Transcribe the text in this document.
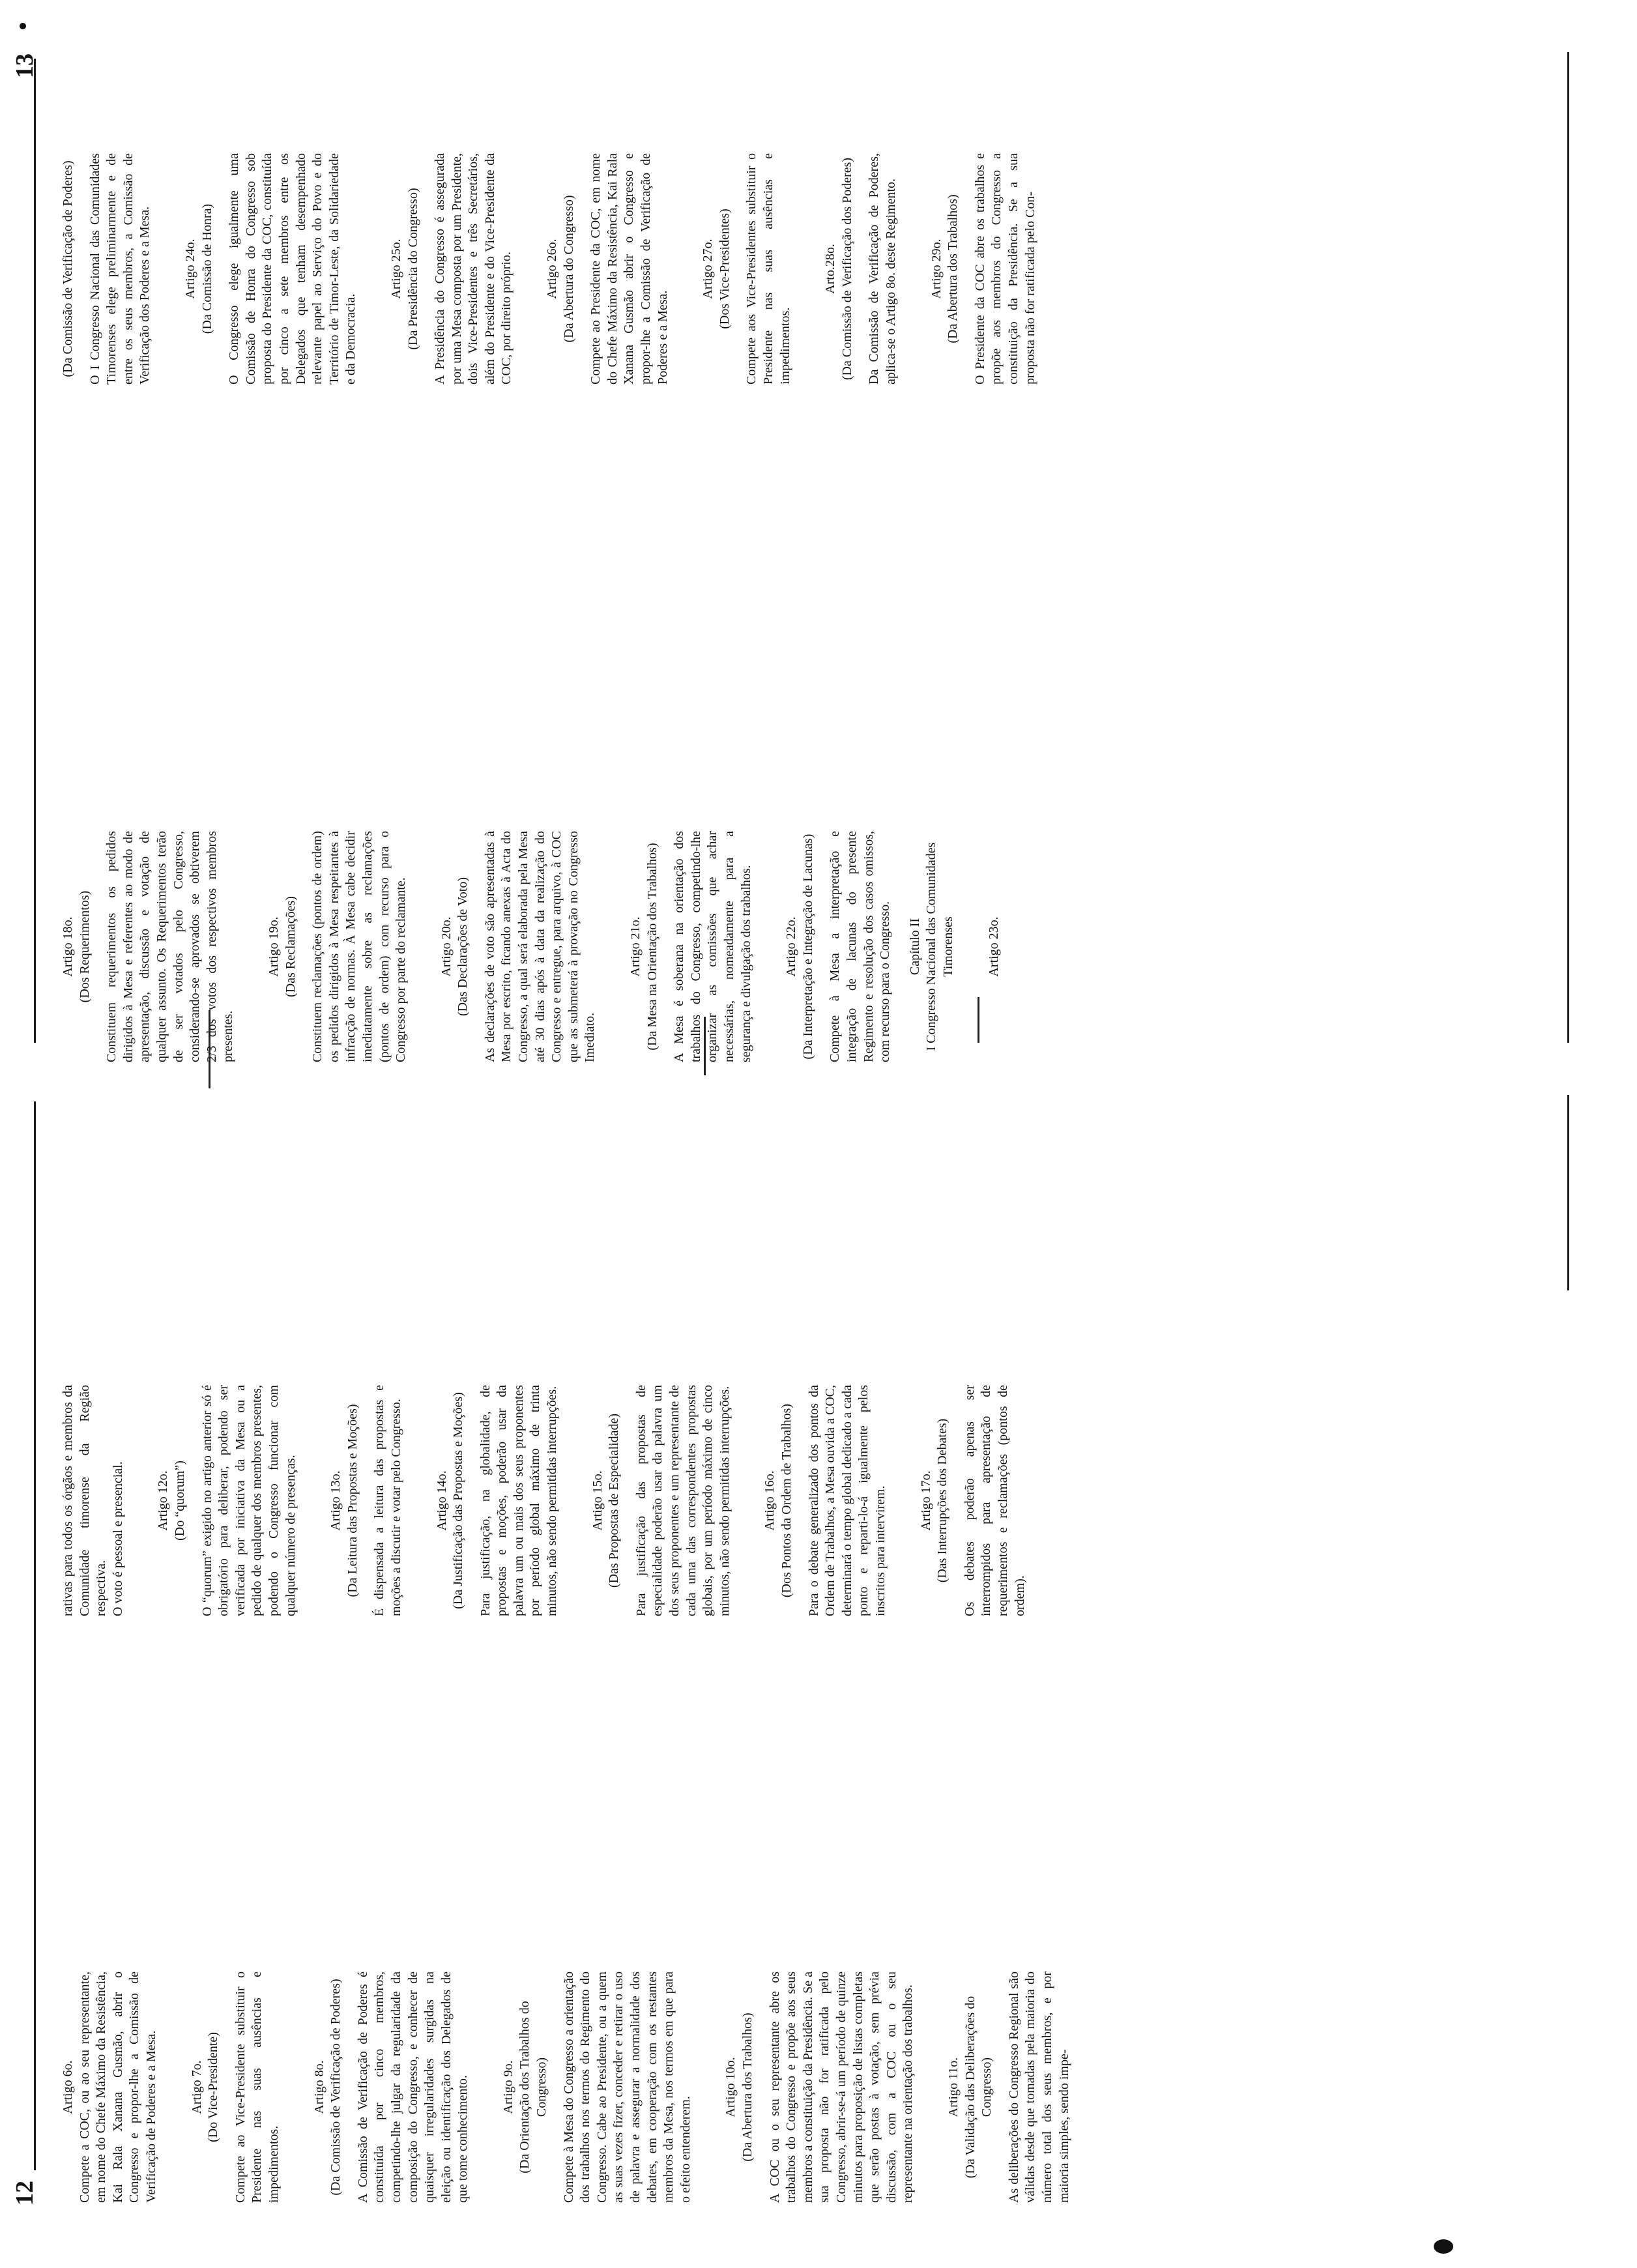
12
Artigo 6o. Compete a COC, ou ao seu representante, em nome do Chefe Máximo da Resistência, Kai Rala Xanana Gusmão, abrir o Congresso e propor-lhe a Comissão de Verificação de Poderes e a Mesa. Artigo 7o. (Do Vice-Presidente) Compete ao Vice-Presidente substituir o Presidente nas suas ausências e impedimentos.

Artigo 8o. (Da Comissão de Verificação de Poderes) A Comissão de Verificação de Poderes é constituída por cinco membros, competindo-lhe julgar da regularidade da composição do Congresso, e conhecer de quaisquer irregularidades surgidas na eleição ou identificação dos Delegados de que tome conhecimento. Artigo 9o. (Da Orientação dos Trabalhos do Congresso) Compete à Mesa do Congresso a orientação dos trabalhos nos termos do Regimento do Congresso. Cabe ao Presidente, ou a quem as suas vezes fizer, conceder e retirar o uso de palavra e assegurar a normalidade dos debates, em cooperação com os restantes membros da Mesa, nos termos em que para o efeito entenderem.

Artigo 10o. (Da Abertura dos Trabalhos) A COC ou o seu representante abre os trabalhos do Congresso e propõe aos seus membros a constituição da Presidência. Se a sua proposta não for ratificada pelo Congresso, abrir-se-á um período de quinze minutos para proposição de listas completas que serão postas à votação, sem prévia discussão, com a COC ou o seu representante na orientação dos trabalhos. Artigo 11o. (Da Validação das Deliberações do Congresso) As deliberações do Congresso Regional são válidas desde que tomadas pela maioria do número total dos seus membros, e por maioria simples, sendo impe-

rativas para todos os órgãos e membros da Comunidade timorense da Região respectiva. O voto é pessoal e presencial. Artigo 12o. (Do “quorum”) O “quorum” exigido no artigo anterior só é obrigatório para deliberar, podendo ser verificada por iniciativa da Mesa ou a pedido de qualquer dos membros presentes, podendo o Congresso funcionar com qualquer número de presenças. Artigo 13o. (Da Leitura das Propostas e Moções) É dispensada a leitura das propostas e moções a discutir e votar pelo Congresso. Artigo 14o. (Da Justificação das Propostas e Moções) Para justificação, na globalidade, de propostas e moções, poderão usar da palavra um ou mais dos seus proponentes por período global máximo de trinta minutos, não sendo permitidas interrupções. Artigo 15o. (Das Propostas de Especialidade) Para justificação das propostas de especialidade poderão usar da palavra um dos seus proponentes e um representante de cada uma das correspondentes propostas globais, por um período máximo de cinco minutos, não sendo permitidas interrupções. Artigo 16o. (Dos Pontos da Ordem de Trabalhos) Para o debate generalizado dos pontos da Ordem de Trabalhos, a Mesa ouvida a COC, determinará o tempo global dedicado a cada ponto e reparti-lo-á igualmente pelos inscritos para intervirem. Artigo 17o. (Das Interrupções dos Debates) Os debates poderão apenas ser interrompidos para apresentação de requerimentos e reclamações (pontos de ordem).

13
Artigo 18o. (Dos Requerimentos) Constituem requerimentos os pedidos dirigidos à Mesa e referentes ao modo de apresentação, discussão e votação de qualquer assunto. Os Requerimentos terão de ser votados pelo Congresso, considerando-se aprovados se obtiverem 2/3 dos votos dos respectivos membros presentes.

Artigo 19o. (Das Reclamações) Constituem reclamações (pontos de ordem) os pedidos dirigidos à Mesa respeitantes à infracção de normas. À Mesa cabe decidir imediatamente sobre as reclamações (pontos de ordem) com recurso para o Congresso por parte do reclamante. Artigo 20o. (Das Declarações de Voto) As declarações de voto são apresentadas à Mesa por escrito, ficando anexas à Acta do Congresso, a qual será elaborada pela Mesa até 30 dias após à data da realização do Congresso e entregue, para arquivo, à COC que as submeterá à provação no Congresso Imediato.

Artigo 21o. (Da Mesa na Orientação dos Trabalhos) A Mesa é soberana na orientação dos trabalhos do Congresso, competindo-lhe organizar as comissões que achar necessárias, nomeadamente para a segurança e divulgação dos trabalhos. Artigo 22o. (Da Interpretação e Integração de Lacunas) Compete à Mesa a interpretação e integração de lacunas do presente Regimento e resolução dos casos omissos, com recurso para o Congresso. Capítulo II I Congresso Nacional das Comunidades Timorenses Artigo 23o.
(Da Comissão de Verificação de Poderes) O I Congresso Nacional das Comunidades Timorenses elege preliminarmente e de entre os seus membros, a Comissão de Verificação dos Poderes e a Mesa. Artigo 24o. (Da Comissão de Honra) O Congresso elege igualmente uma Comissão de Honra do Congresso sob proposta do Presidente da COC, constituída por cinco a sete membros entre os Delegados que tenham desempenhado relevante papel ao Serviço do Povo e do Território de Timor-Leste, da Solidariedade e da Democracia.

Artigo 25o. (Da Presidência do Congresso) A Presidência do Congresso é assegurada por uma Mesa composta por um Presidente, dois Vice-Presidentes e três Secretários, além do Presidente e do Vice-Presidente da COC, por direito próprio. Artigo 26o. (Da Abertura do Congresso) Compete ao Presidente da COC, em nome do Chefe Máximo da Resistência, Kai Rala Xanana Gusmão abrir o Congresso e propor-lhe a Comissão de Verificação de Poderes e a Mesa.

Artigo 27o. (Dos Vice-Presidentes) Compete aos Vice-Presidentes substituir o Presidente nas suas ausências e impedimentos.

Arto.28o. (Da Comissão de Verificação dos Poderes) Da Comissão de Verificação de Poderes, aplica-se o Artigo 8o. deste Regimento. Artigo 29o. (Da Abertura dos Trabalhos) O Presidente da COC abre os trabalhos e propõe aos membros do Congresso a constituição da Presidência. Se a sua proposta não for ratificada pelo Con-
